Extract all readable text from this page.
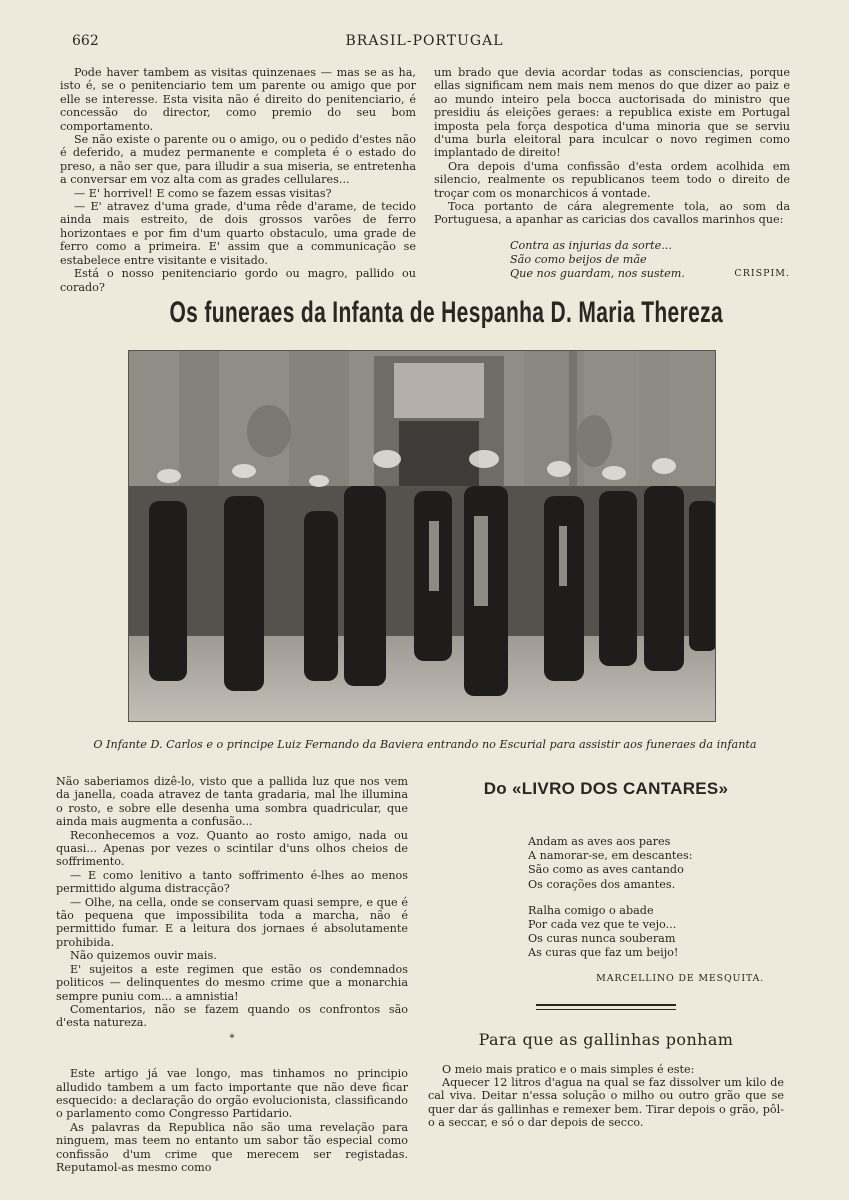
662	BRASIL-PORTUGAL

Pode haver tambem as visitas quinzenaes — mas se as ha, isto é, se o penitenciario tem um parente ou amigo que por elle se interesse. Esta visita não é direito do penitenciario, é concessão do director, como premio do seu bom comportamento.

Se não existe o parente ou o amigo, ou o pedido d'estes não é deferido, a mudez permanente e completa é o estado do preso, a não ser que, para illudir a sua miseria, se entretenha a conversar em voz alta com as grades cellulares...

— E' horrivel! E como se fazem essas visitas?

— E' atravez d'uma grade, d'uma rêde d'arame, de tecido ainda mais estreito, de dois grossos varões de ferro horizontaes e por fim d'um quarto obstaculo, uma grade de ferro como a primeira. E' assim que a communicação se estabelece entre visitante e visitado.

Está o nosso penitenciario gordo ou magro, pallido ou corado?

um brado que devia acordar todas as consciencias, porque ellas significam nem mais nem menos do que dizer ao paiz e ao mundo inteiro pela bocca auctorisada do ministro que presidiu ás eleições geraes: a republica existe em Portugal imposta pela força despotica d'uma minoria que se serviu d'uma burla eleitoral para inculcar o novo regimen como implantado de direito!

Ora depois d'uma confissão d'esta ordem acolhida em silencio, realmente os republicanos teem todo o direito de troçar com os monarchicos á vontade.

Toca portanto de cára alegremente tola, ao som da Portuguesa, a apanhar as caricias dos cavallos marinhos que:

Contra as injurias da sorte...
São como beijos de mãe
Que nos guardam, nos sustem.	CRISPIM.
Os funeraes da Infanta de Hespanha D. Maria Thereza
O Infante D. Carlos e o principe Luiz Fernando da Baviera entrando no Escurial para assistir aos funeraes da infanta

Não saberiamos dizê-lo, visto que a pallida luz que nos vem da janella, coada atravez de tanta gradaria, mal lhe illumina o rosto, e sobre elle desenha uma sombra quadricular, que ainda mais augmenta a confusão...

Reconhecemos a voz. Quanto ao rosto amigo, nada ou quasi... Apenas por vezes o scintilar d'uns olhos cheios de soffrimento.

— E como lenitivo a tanto soffrimento é-lhes ao menos permittido alguma distracção?

— Olhe, na cella, onde se conservam quasi sempre, e que é tão pequena que impossibilita toda a marcha, não é permittido fumar. E a leitura dos jornaes é absolutamente prohibida.

Não quizemos ouvir mais.

E' sujeitos a este regimen que estão os condemnados politicos — delinquentes do mesmo crime que a monarchia sempre puniu com... a amnistia!

Comentarios, não se fazem quando os confrontos são d'esta natureza.

*

Este artigo já vae longo, mas tinhamos no principio alludido tambem a um facto importante que não deve ficar esquecido: a declaração do orgão evolucionista, classificando o parlamento como Congresso Partidario.

As palavras da Republica não são uma revelação para ninguem, mas teem no entanto um sabor tão especial como confissão d'um crime que merecem ser registadas. Reputamol-as mesmo como

Do «LIVRO DOS CANTARES»
Andam as aves aos pares
A namorar-se, em descantes:
São como as aves cantando
Os corações dos amantes.
Ralha comigo o abade
Por cada vez que te vejo...
Os curas nunca souberam
As curas que faz um beijo!
MARCELLINO DE MESQUITA.
Para que as gallinhas ponham

O meio mais pratico e o mais simples é este:

Aquecer 12 litros d'agua na qual se faz dissolver um kilo de cal viva. Deitar n'essa solução o milho ou outro grão que se quer dar ás gallinhas e remexer bem. Tirar depois o grão, pôl-o a seccar, e só o dar depois de secco.
